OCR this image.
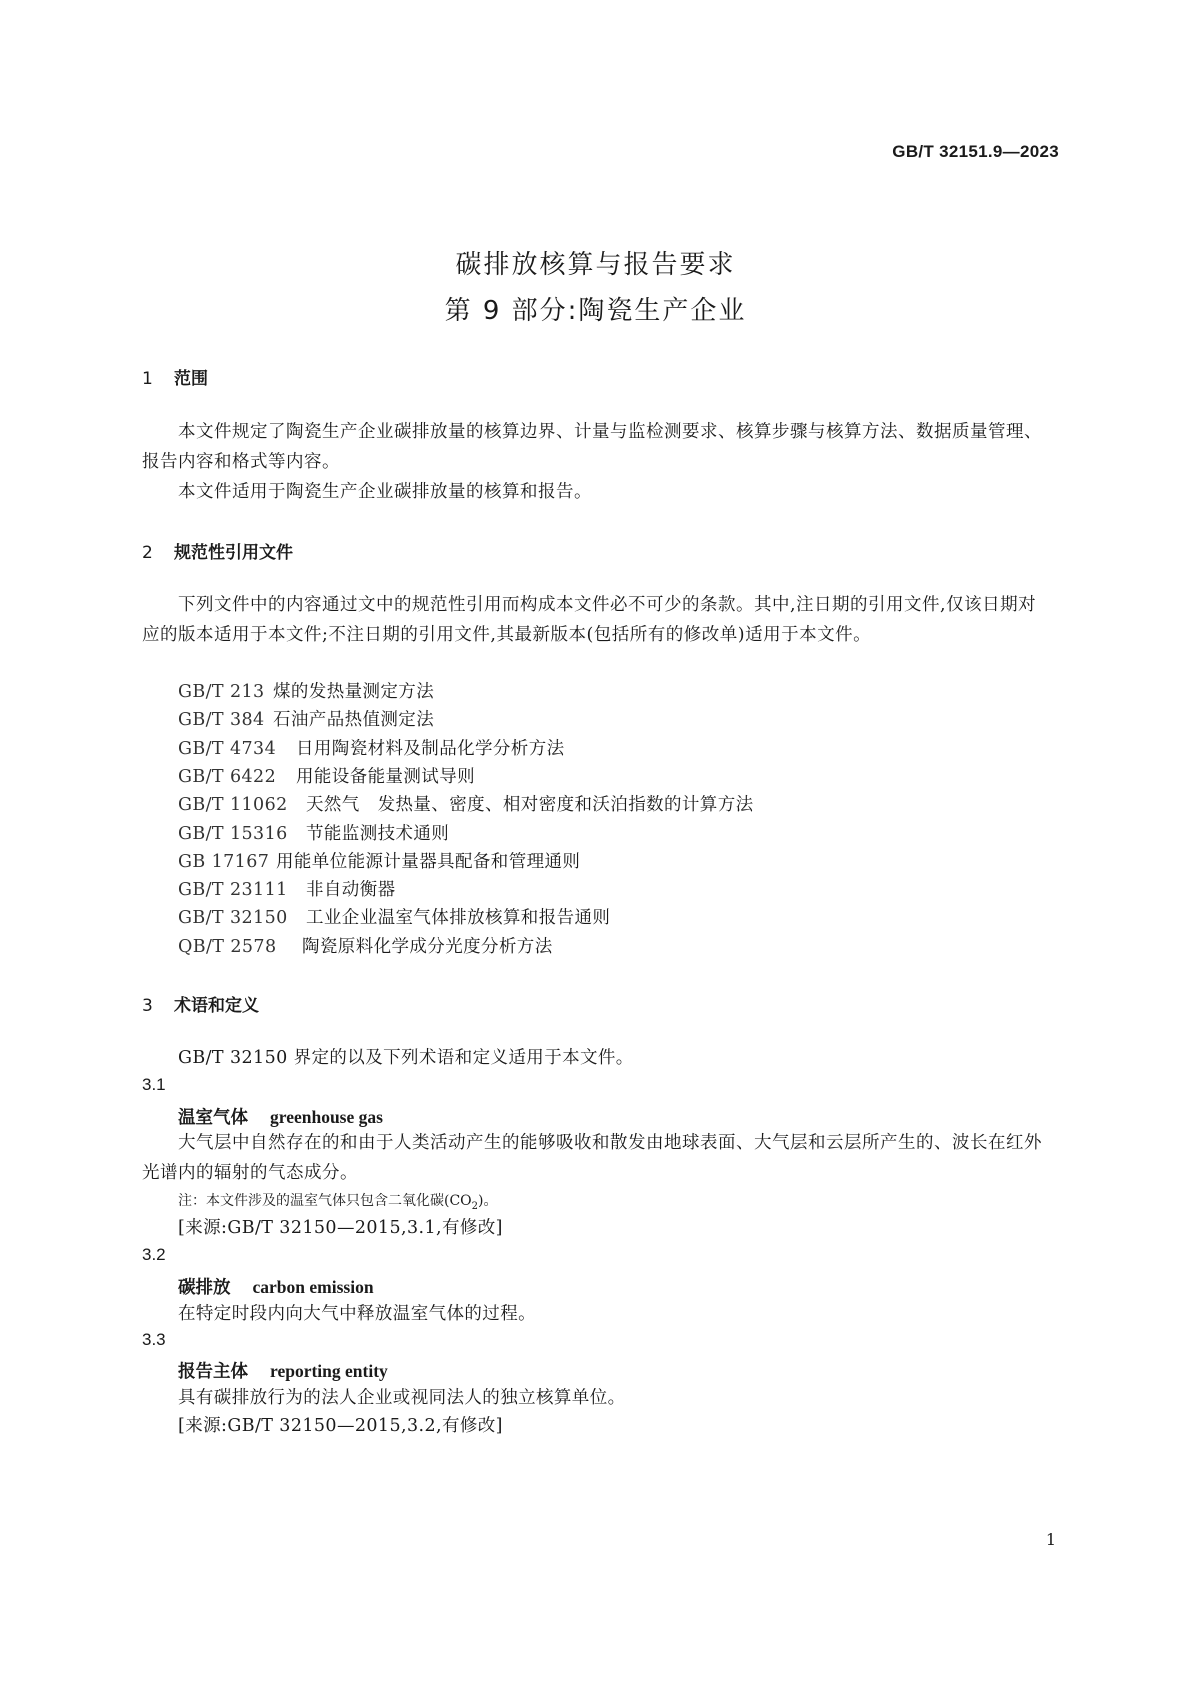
GB/T 32151.9—2023
碳排放核算与报告要求
第 9 部分:陶瓷生产企业
1 范围
本文件规定了陶瓷生产企业碳排放量的核算边界、计量与监检测要求、核算步骤与核算方法、数据质量管理、报告内容和格式等内容。
本文件适用于陶瓷生产企业碳排放量的核算和报告。
2 规范性引用文件
下列文件中的内容通过文中的规范性引用而构成本文件必不可少的条款。其中,注日期的引用文件,仅该日期对应的版本适用于本文件;不注日期的引用文件,其最新版本(包括所有的修改单)适用于本文件。
GB/T 213 煤的发热量测定方法
GB/T 384 石油产品热值测定法
GB/T 4734 日用陶瓷材料及制品化学分析方法
GB/T 6422 用能设备能量测试导则
GB/T 11062 天然气　发热量、密度、相对密度和沃泊指数的计算方法
GB/T 15316 节能监测技术通则
GB 17167 用能单位能源计量器具配备和管理通则
GB/T 23111 非自动衡器
GB/T 32150 工业企业温室气体排放核算和报告通则
QB/T 2578 陶瓷原料化学成分光度分析方法
3 术语和定义
GB/T 32150 界定的以及下列术语和定义适用于本文件。
3.1
温室气体 greenhouse gas
大气层中自然存在的和由于人类活动产生的能够吸收和散发由地球表面、大气层和云层所产生的、波长在红外光谱内的辐射的气态成分。
注：本文件涉及的温室气体只包含二氧化碳$(CO_2)$。
[来源:GB/T 32150—2015,3.1,有修改]
3.2
碳排放 carbon emission
在特定时段内向大气中释放温室气体的过程。
3.3
报告主体 reporting entity
具有碳排放行为的法人企业或视同法人的独立核算单位。
[来源:GB/T 32150—2015,3.2,有修改]
1
